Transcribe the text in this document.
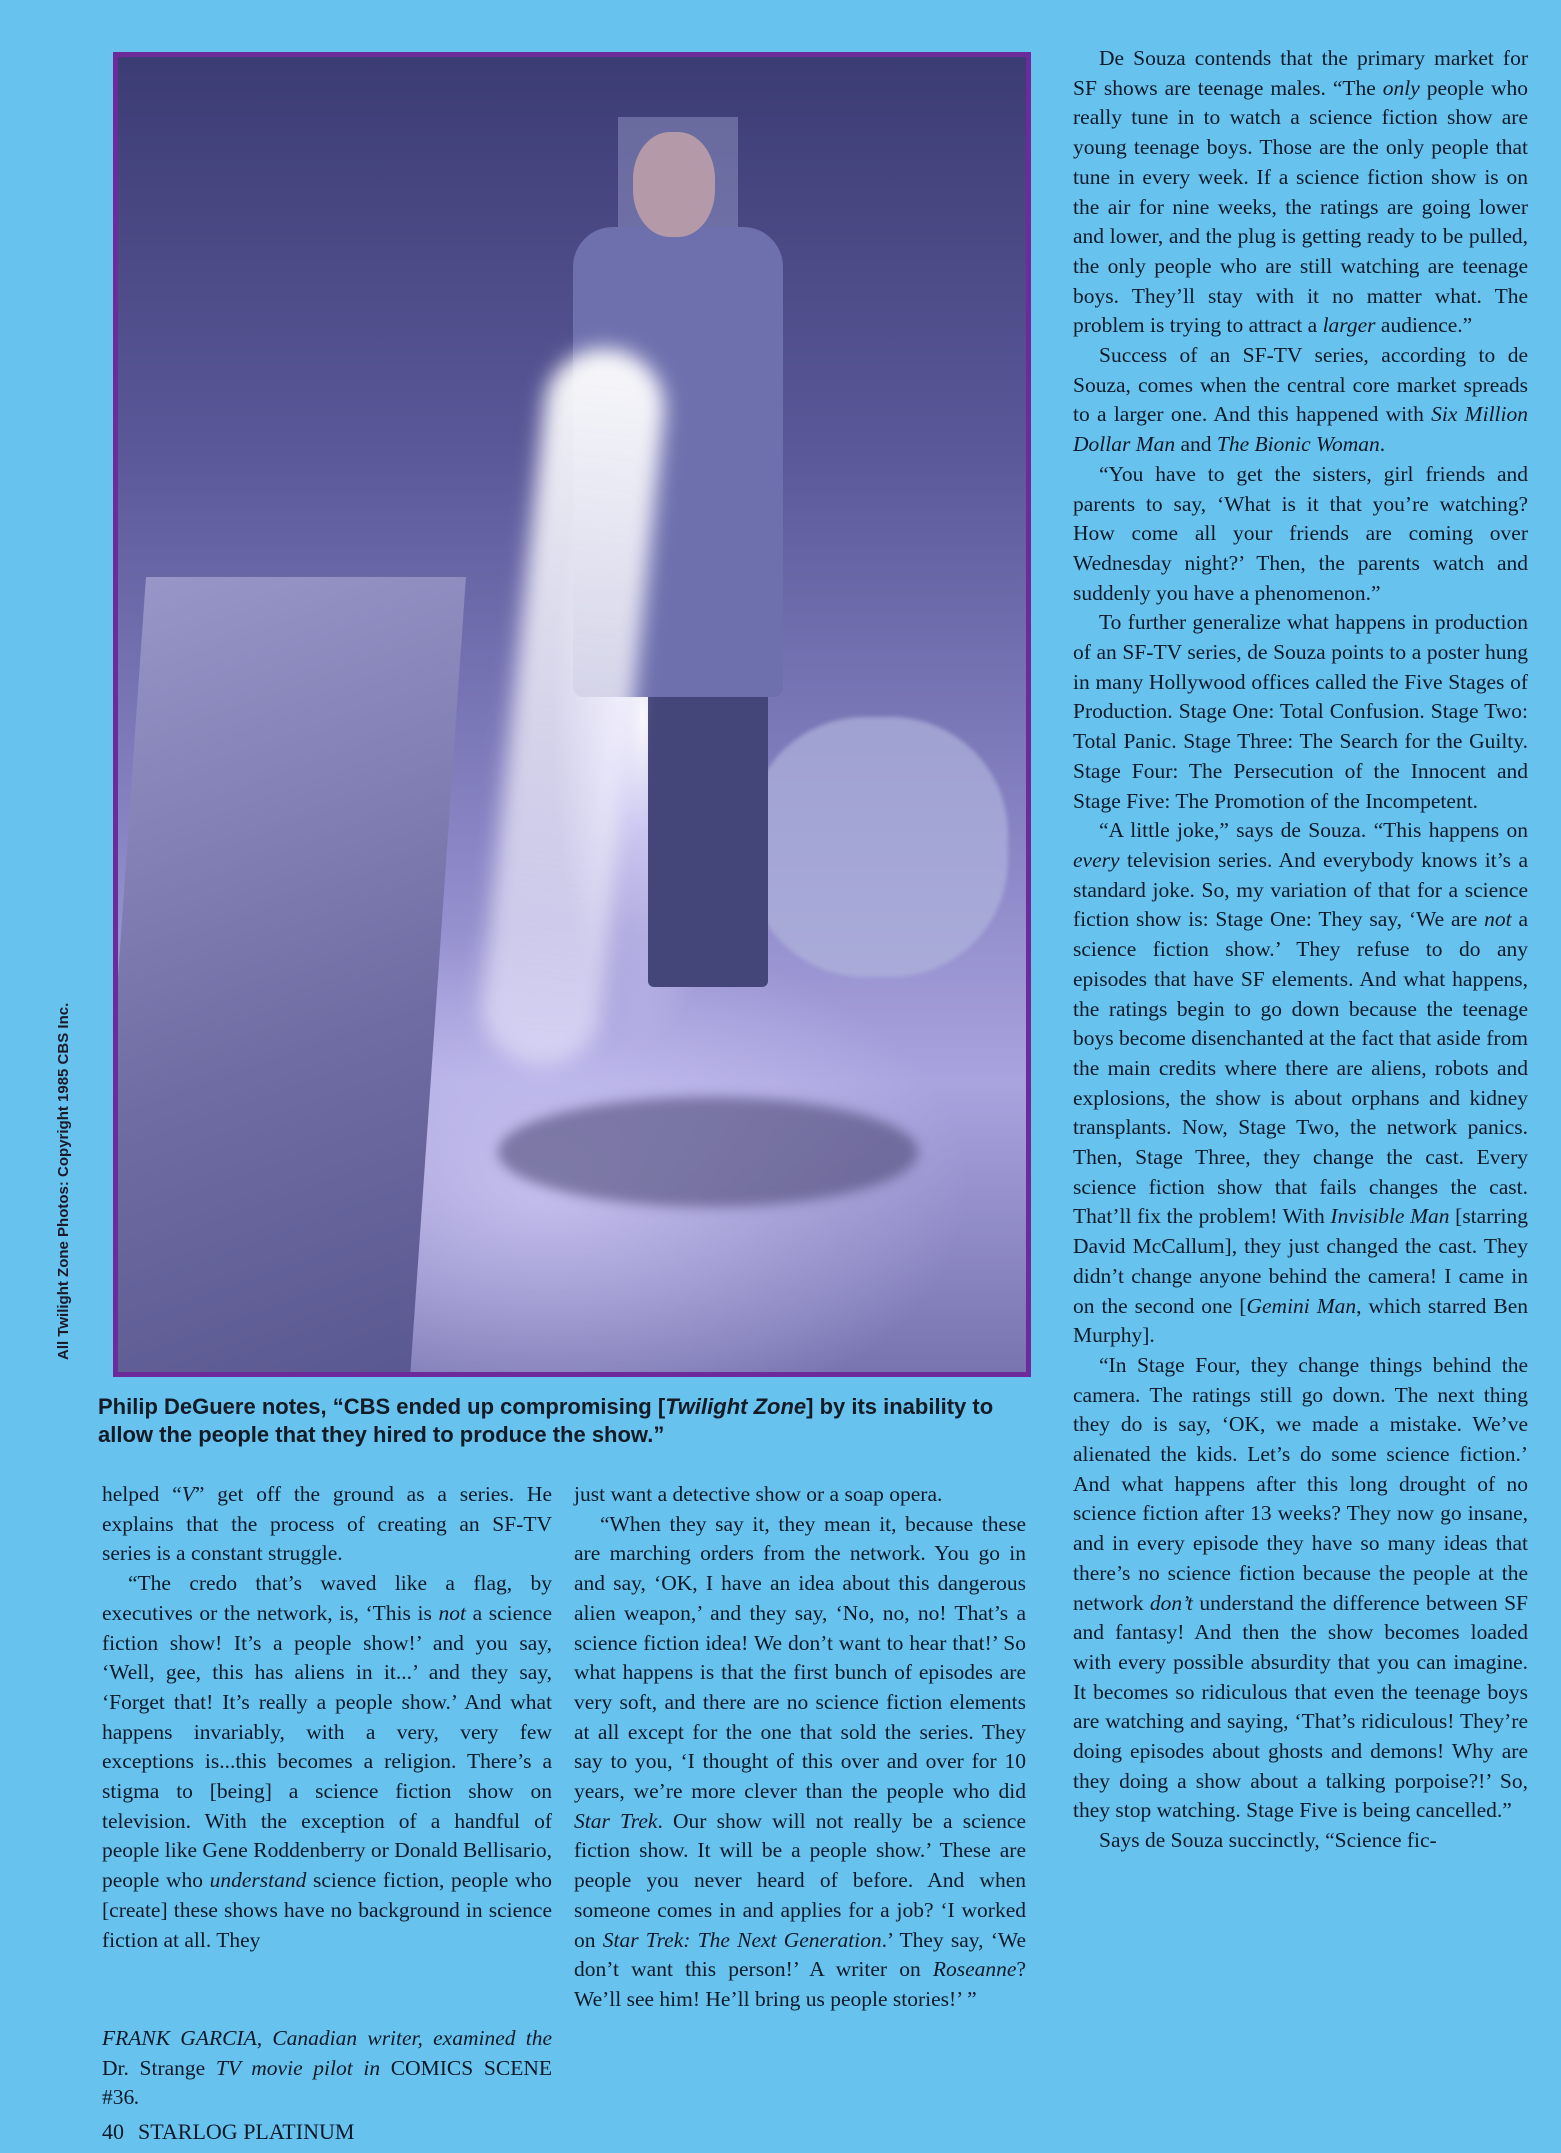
All Twilight Zone Photos: Copyright 1985 CBS Inc.
Philip DeGuere notes, “CBS ended up compromising [Twilight Zone] by its inability to allow the people that they hired to produce the show.”

helped “V” get off the ground as a series. He explains that the process of creating an SF-TV series is a constant struggle.

“The credo that’s waved like a flag, by executives or the network, is, ‘This is not a science fiction show! It’s a people show!’ and you say, ‘Well, gee, this has aliens in it...’ and they say, ‘Forget that! It’s really a people show.’ And what happens invariably, with a very, very few exceptions is...this becomes a religion. There’s a stigma to [being] a science fiction show on television. With the exception of a handful of people like Gene Roddenberry or Donald Bellisario, people who understand science fiction, people who [create] these shows have no background in science fiction at all. They

FRANK GARCIA, Canadian writer, examined the Dr. Strange TV movie pilot in COMICS SCENE #36.

just want a detective show or a soap opera.

“When they say it, they mean it, because these are marching orders from the network. You go in and say, ‘OK, I have an idea about this dangerous alien weapon,’ and they say, ‘No, no, no! That’s a science fiction idea! We don’t want to hear that!’ So what happens is that the first bunch of episodes are very soft, and there are no science fiction elements at all except for the one that sold the series. They say to you, ‘I thought of this over and over for 10 years, we’re more clever than the people who did Star Trek. Our show will not really be a science fiction show. It will be a people show.’ These are people you never heard of before. And when someone comes in and applies for a job? ‘I worked on Star Trek: The Next Generation.’ They say, ‘We don’t want this person!’ A writer on Roseanne? We’ll see him! He’ll bring us people stories!’ ”

De Souza contends that the primary market for SF shows are teenage males. “The only people who really tune in to watch a science fiction show are young teenage boys. Those are the only people that tune in every week. If a science fiction show is on the air for nine weeks, the ratings are going lower and lower, and the plug is getting ready to be pulled, the only people who are still watching are teenage boys. They’ll stay with it no matter what. The problem is trying to attract a larger audience.”

Success of an SF-TV series, according to de Souza, comes when the central core market spreads to a larger one. And this happened with Six Million Dollar Man and The Bionic Woman.

“You have to get the sisters, girl friends and parents to say, ‘What is it that you’re watching? How come all your friends are coming over Wednesday night?’ Then, the parents watch and suddenly you have a phenomenon.”

To further generalize what happens in production of an SF-TV series, de Souza points to a poster hung in many Hollywood offices called the Five Stages of Production. Stage One: Total Confusion. Stage Two: Total Panic. Stage Three: The Search for the Guilty. Stage Four: The Persecution of the Innocent and Stage Five: The Promotion of the Incompetent.

“A little joke,” says de Souza. “This happens on every television series. And everybody knows it’s a standard joke. So, my variation of that for a science fiction show is: Stage One: They say, ‘We are not a science fiction show.’ They refuse to do any episodes that have SF elements. And what happens, the ratings begin to go down because the teenage boys become disenchanted at the fact that aside from the main credits where there are aliens, robots and explosions, the show is about orphans and kidney transplants. Now, Stage Two, the network panics. Then, Stage Three, they change the cast. Every science fiction show that fails changes the cast. That’ll fix the problem! With Invisible Man [starring David McCallum], they just changed the cast. They didn’t change anyone behind the camera! I came in on the second one [Gemini Man, which starred Ben Murphy].

“In Stage Four, they change things behind the camera. The ratings still go down. The next thing they do is say, ‘OK, we made a mistake. We’ve alienated the kids. Let’s do some science fiction.’ And what happens after this long drought of no science fiction after 13 weeks? They now go insane, and in every episode they have so many ideas that there’s no science fiction because the people at the network don’t understand the difference between SF and fantasy! And then the show becomes loaded with every possible absurdity that you can imagine. It becomes so ridiculous that even the teenage boys are watching and saying, ‘That’s ridiculous! They’re doing episodes about ghosts and demons! Why are they doing a show about a talking porpoise?!’ So, they stop watching. Stage Five is being cancelled.”

Says de Souza succinctly, “Science fic-

40 STARLOG PLATINUM
